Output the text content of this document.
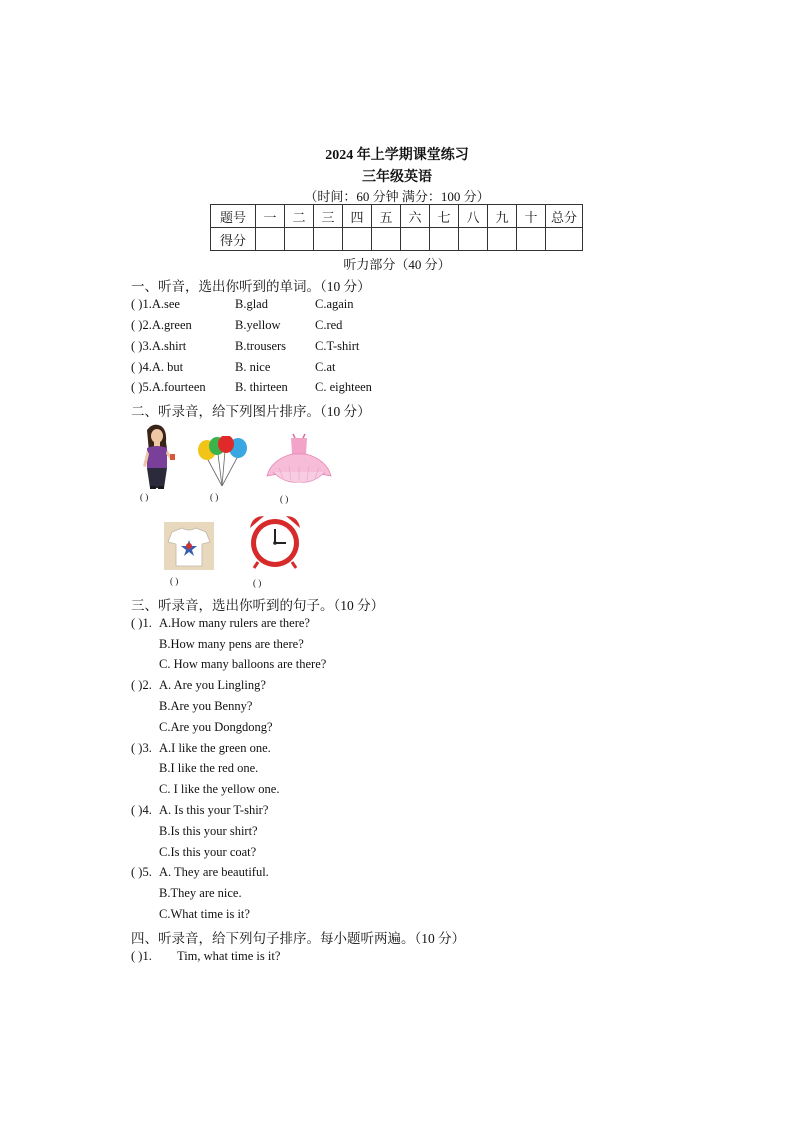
2024 年上学期课堂练习
三年级英语
（时间：60 分钟 满分：100 分）
题号	一	二	三	四	五	六	七	八	九	十	总分
得分											
听力部分（40 分）
一、听音，选出你听到的单词。（10 分）
( )1.A.see	B.glad	C.again
( )2.A.green	B.yellow	C.red
( )3.A.shirt	B.trousers C.T-shirt
( )4.A. but	B. nice	C.at
( )5.A.fourteen B. thirteen C. eighteen
二、听录音，给下列图片排序。（10 分）
( )	( )	( )
( )	( )
三、听录音，选出你听到的句子。（10 分）
( )1. A.How many rulers are there?
B.How many pens are there?
C. How many balloons are there?
( )2. A. Are you Lingling?
B.Are you Benny?
C.Are you Dongdong?
( )3. A.I like the green one.
B.I like the red one.
C. I like the yellow one.
( )4. A. Is this your T-shir?
B.Is this your shirt?
C.Is this your coat?
( )5. A. They are beautiful.
B.They are nice.
C.What time is it?
四、听录音，给下列句子排序。每小题听两遍。（10 分）
( )1. Tim, what time is it?
